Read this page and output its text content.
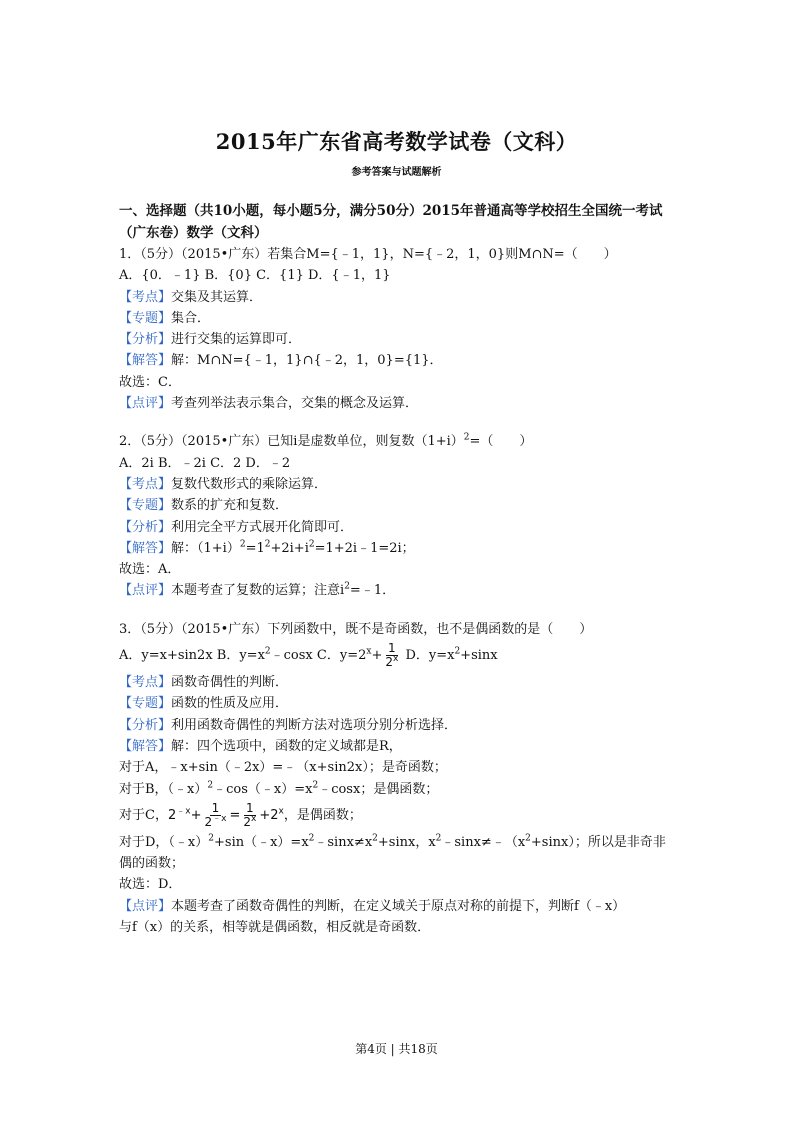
2015年广东省高考数学试卷（文科）
参考答案与试题解析
一、选择题（共10小题，每小题5分，满分50分）2015年普通高等学校招生全国统一考试
（广东卷）数学（文科）
1．（5分）（2015•广东）若集合M={﹣1，1}，N={﹣2，1，0}则M∩N=（　　）
A．{0．﹣1} B．{0} C．{1} D．{﹣1，1}
【考点】交集及其运算．
【专题】集合．
【分析】进行交集的运算即可．
【解答】解：M∩N={﹣1，1}∩{﹣2，1，0}={1}．
故选：C．
【点评】考查列举法表示集合，交集的概念及运算．
2．（5分）（2015•广东）已知i是虚数单位，则复数$(1+i)^2=$（　　）
A．2i B．﹣2i C．2 D．﹣2
【考点】复数代数形式的乘除运算．
【专题】数系的扩充和复数．
【分析】利用完全平方式展开化简即可．
【解答】解：$(1+i)^2=1^2+2i+i^2=1+2i﹣1=2i$；
故选：A．
【点评】本题考查了复数的运算；注意$i^2=﹣1$．
3．（5分）（2015•广东）下列函数中，既不是奇函数，也不是偶函数的是（　　）
A．y=x+sin2x B．$y=x^2﹣\cos x$ C．$y=2^x+ \frac{1}{2^x}$ D．$y=x^2+\sin x$
【考点】函数奇偶性的判断．
【专题】函数的性质及应用．
【分析】利用函数奇偶性的判断方法对选项分别分析选择．
【解答】解：四个选项中，函数的定义域都是R，
对于A，﹣x+sin（﹣2x）=﹣（x+sin2x）；是奇函数；
对于B，$(﹣x)^2﹣\cos(﹣x)=x^2﹣\cos x$；是偶函数；
对于C，$2^{﹣x}+ \frac{1}{2^{﹣x}} = \frac{1}{2^x} +2^x$，是偶函数；
对于D，$(﹣x)^2+\sin(﹣x)=x^2﹣\sin x\ne x^2+\sin x$，$x^2﹣\sin x\ne﹣(x^2+\sin x)$；所以是非奇非
偶的函数；
故选：D．
【点评】本题考查了函数奇偶性的判断，在定义域关于原点对称的前提下，判断f（﹣x）
与f（x）的关系，相等就是偶函数，相反就是奇函数．
第4页 | 共18页
